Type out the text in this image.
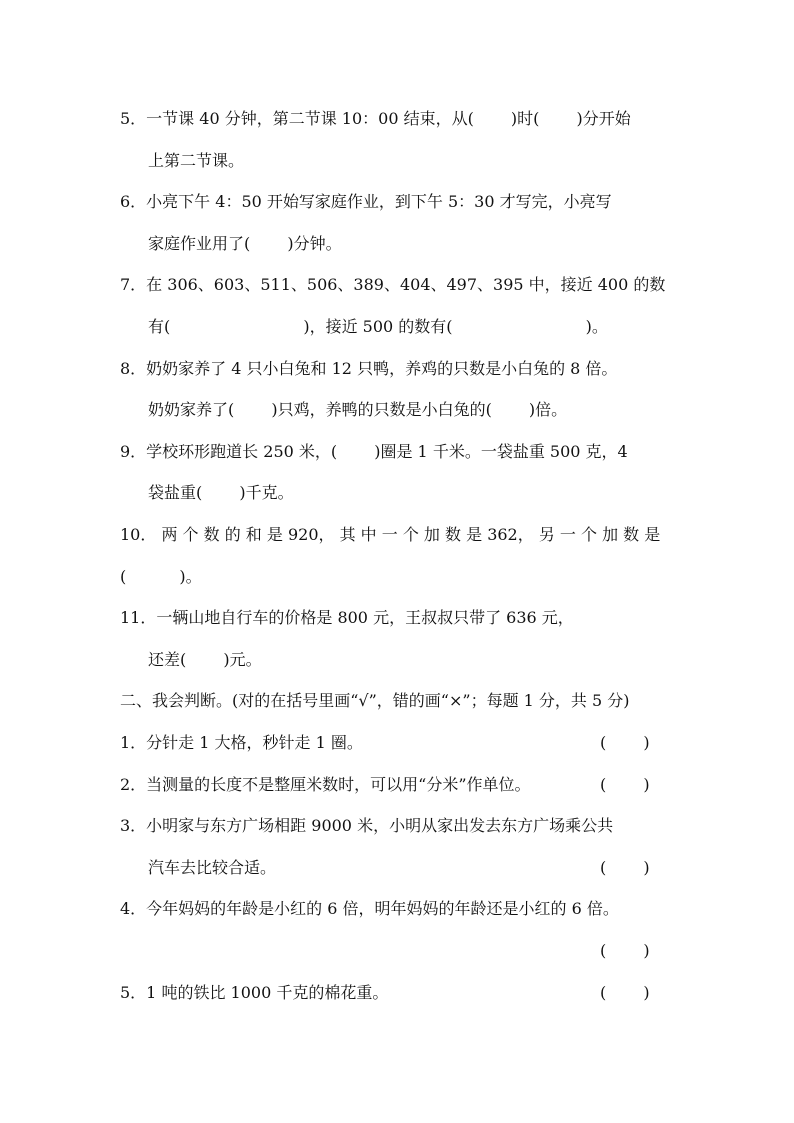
5．一节课 40 分钟，第二节课 10：00 结束，从(　　 )时(　　 )分开始
上第二节课。
6．小亮下午 4：50 开始写家庭作业，到下午 5：30 才写完，小亮写
家庭作业用了(　　 )分钟。
7．在 306、603、511、506、389、404、497、395 中，接近 400 的数
有(　　　　　　　　 )，接近 500 的数有(　　　　　　　　 )。
8．奶奶家养了 4 只小白兔和 12 只鸭，养鸡的只数是小白兔的 8 倍。
奶奶家养了(　　 )只鸡，养鸭的只数是小白兔的(　　 )倍。
9．学校环形跑道长 250 米，(　　 )圈是 1 千米。一袋盐重 500 克，4
袋盐重(　　 )千克。
10． 两 个 数 的 和 是 920， 其 中 一 个 加 数 是 362， 另 一 个 加 数 是
(　　　 )。
11．一辆山地自行车的价格是 800 元，王叔叔只带了 636 元，
还差(　　 )元。
二、我会判断。(对的在括号里画“√”，错的画“×”；每题 1 分，共 5 分)
1．分针走 1 大格，秒针走 1 圈。	(　　 )
2．当测量的长度不是整厘米数时，可以用“分米”作单位。	(　　 )
3．小明家与东方广场相距 9000 米，小明从家出发去东方广场乘公共
汽车去比较合适。	(　　 )
4．今年妈妈的年龄是小红的 6 倍，明年妈妈的年龄还是小红的 6 倍。
(　　 )
5．1 吨的铁比 1000 千克的棉花重。	(　　 )
